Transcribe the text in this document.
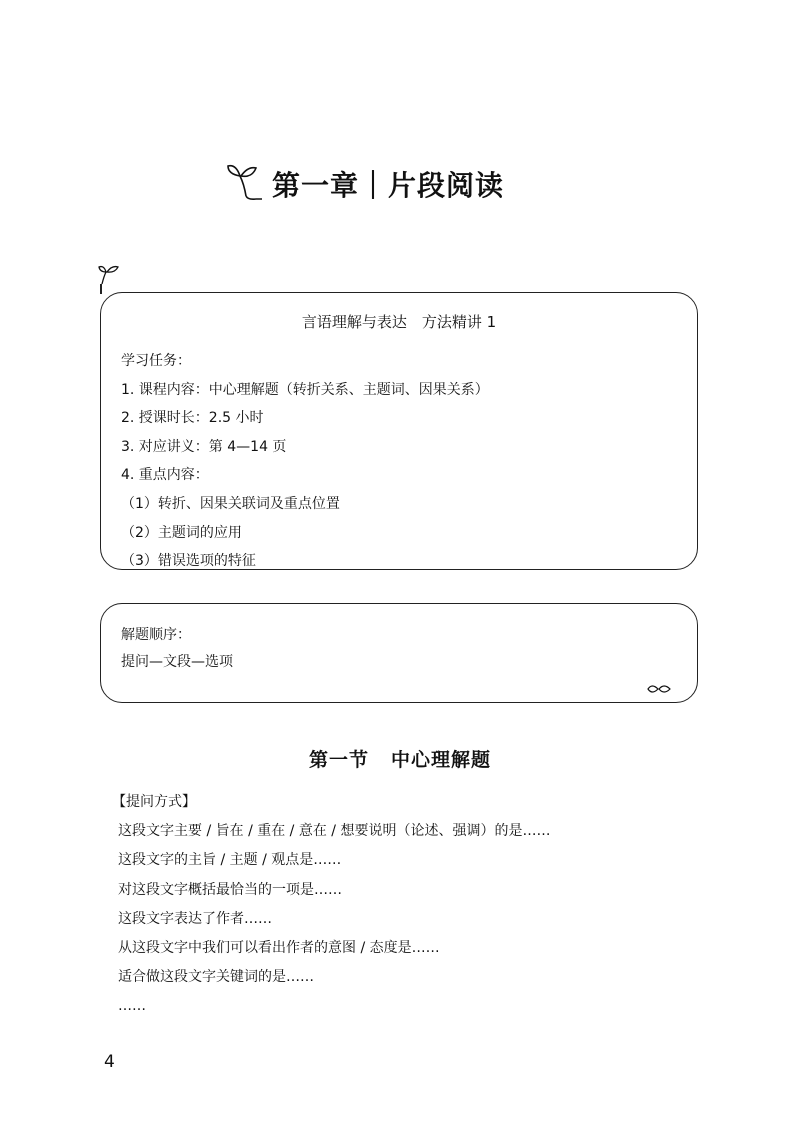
第一章｜片段阅读
言语理解与表达　方法精讲 1
学习任务：
1. 课程内容：中心理解题（转折关系、主题词、因果关系）
2. 授课时长：2.5 小时
3. 对应讲义：第 4—14 页
4. 重点内容：
（1）转折、因果关联词及重点位置
（2）主题词的应用
（3）错误选项的特征
解题顺序：
提问—文段—选项
第一节 中心理解题
【提问方式】
这段文字主要 / 旨在 / 重在 / 意在 / 想要说明（论述、强调）的是……
这段文字的主旨 / 主题 / 观点是……
对这段文字概括最恰当的一项是……
这段文字表达了作者……
从这段文字中我们可以看出作者的意图 / 态度是……
适合做这段文字关键词的是……
……
4
